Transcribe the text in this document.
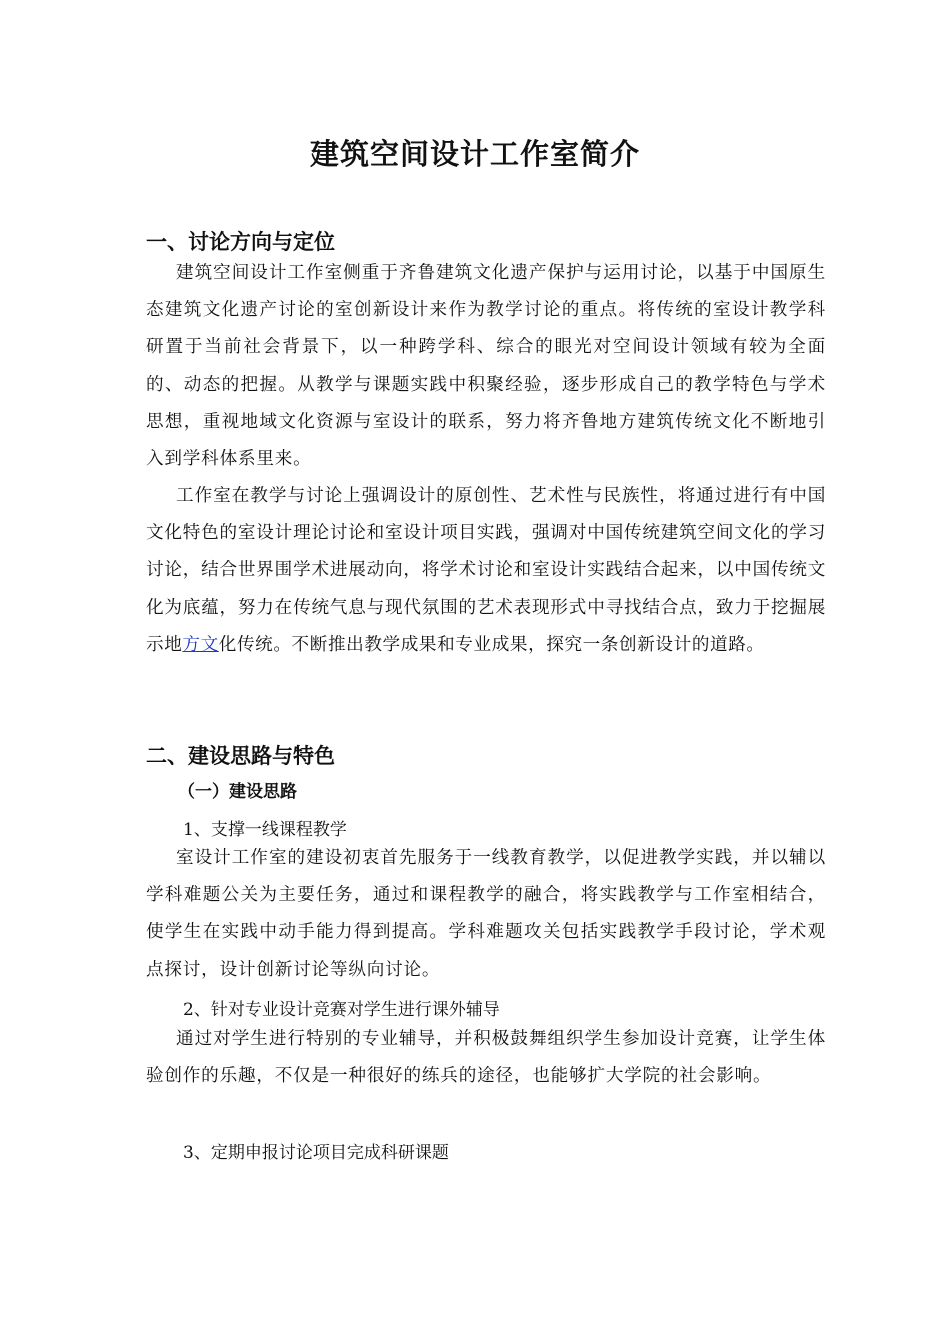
建筑空间设计工作室简介
一、讨论方向与定位
建筑空间设计工作室侧重于齐鲁建筑文化遗产保护与运用讨论，以基于中国原生态建筑文化遗产讨论的室创新设计来作为教学讨论的重点。将传统的室设计教学科研置于当前社会背景下，以一种跨学科、综合的眼光对空间设计领域有较为全面的、动态的把握。从教学与课题实践中积聚经验，逐步形成自己的教学特色与学术思想，重视地域文化资源与室设计的联系，努力将齐鲁地方建筑传统文化不断地引入到学科体系里来。
工作室在教学与讨论上强调设计的原创性、艺术性与民族性，将通过进行有中国文化特色的室设计理论讨论和室设计项目实践，强调对中国传统建筑空间文化的学习讨论，结合世界围学术进展动向，将学术讨论和室设计实践结合起来，以中国传统文化为底蕴，努力在传统气息与现代氛围的艺术表现形式中寻找结合点，致力于挖掘展示地方文化传统。不断推出教学成果和专业成果，探究一条创新设计的道路。
二、建设思路与特色
（一）建设思路
1、支撑一线课程教学
室设计工作室的建设初衷首先服务于一线教育教学，以促进教学实践，并以辅以学科难题公关为主要任务，通过和课程教学的融合，将实践教学与工作室相结合，使学生在实践中动手能力得到提高。学科难题攻关包括实践教学手段讨论，学术观点探讨，设计创新讨论等纵向讨论。
2、针对专业设计竞赛对学生进行课外辅导
通过对学生进行特别的专业辅导，并积极鼓舞组织学生参加设计竞赛，让学生体验创作的乐趣，不仅是一种很好的练兵的途径，也能够扩大学院的社会影响。
3、定期申报讨论项目完成科研课题
